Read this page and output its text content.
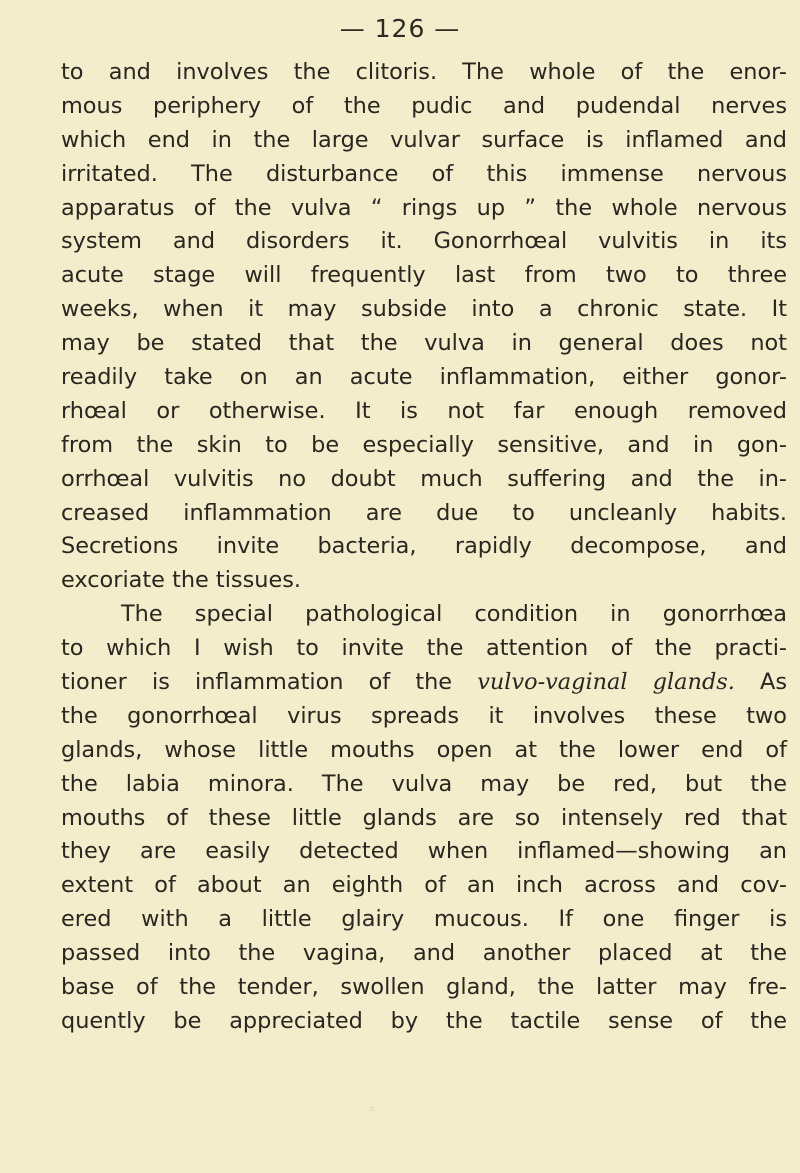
— 126 —
to and involves the clitoris. The whole of the enor-
mous periphery of the pudic and pudendal nerves
which end in the large vulvar surface is inflamed and
irritated. The disturbance of this immense nervous
apparatus of the vulva “ rings up ” the whole nervous
system and disorders it. Gonorrhœal vulvitis in its
acute stage will frequently last from two to three
weeks, when it may subside into a chronic state. It
may be stated that the vulva in general does not
readily take on an acute inflammation, either gonor-
rhœal or otherwise. It is not far enough removed
from the skin to be especially sensitive, and in gon-
orrhœal vulvitis no doubt much suffering and the in-
creased inflammation are due to uncleanly habits.
Secretions invite bacteria, rapidly decompose, and
excoriate the tissues.
The special pathological condition in gonorrhœa
to which I wish to invite the attention of the practi-
tioner is inflammation of the vulvo-vaginal glands. As
the gonorrhœal virus spreads it involves these two
glands, whose little mouths open at the lower end of
the labia minora. The vulva may be red, but the
mouths of these little glands are so intensely red that
they are easily detected when inflamed—showing an
extent of about an eighth of an inch across and cov-
ered with a little glairy mucous. If one finger is
passed into the vagina, and another placed at the
base of the tender, swollen gland, the latter may fre-
quently be appreciated by the tactile sense of the
◦
